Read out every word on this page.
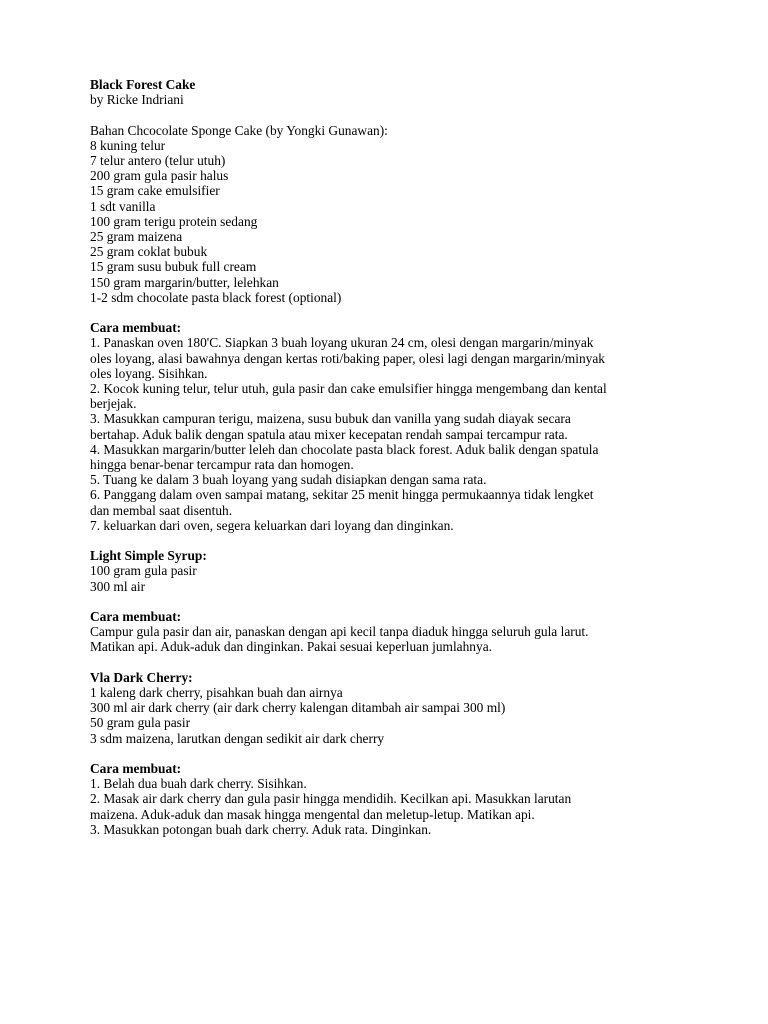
Black Forest Cake
by Ricke Indriani
Bahan Chcocolate Sponge Cake (by Yongki Gunawan):
8 kuning telur
7 telur antero (telur utuh)
200 gram gula pasir halus
15 gram cake emulsifier
1 sdt vanilla
100 gram terigu protein sedang
25 gram maizena
25 gram coklat bubuk
15 gram susu bubuk full cream
150 gram margarin/butter, lelehkan
1-2 sdm chocolate pasta black forest (optional)
Cara membuat:
1. Panaskan oven 180'C. Siapkan 3 buah loyang ukuran 24 cm, olesi dengan margarin/minyak
oles loyang, alasi bawahnya dengan kertas roti/baking paper, olesi lagi dengan margarin/minyak
oles loyang. Sisihkan.
2. Kocok kuning telur, telur utuh, gula pasir dan cake emulsifier hingga mengembang dan kental
berjejak.
3. Masukkan campuran terigu, maizena, susu bubuk dan vanilla yang sudah diayak secara
bertahap. Aduk balik dengan spatula atau mixer kecepatan rendah sampai tercampur rata.
4. Masukkan margarin/butter leleh dan chocolate pasta black forest. Aduk balik dengan spatula
hingga benar-benar tercampur rata dan homogen.
5. Tuang ke dalam 3 buah loyang yang sudah disiapkan dengan sama rata.
6. Panggang dalam oven sampai matang, sekitar 25 menit hingga permukaannya tidak lengket
dan membal saat disentuh.
7. keluarkan dari oven, segera keluarkan dari loyang dan dinginkan.
Light Simple Syrup:
100 gram gula pasir
300 ml air
Cara membuat:
Campur gula pasir dan air, panaskan dengan api kecil tanpa diaduk hingga seluruh gula larut.
Matikan api. Aduk-aduk dan dinginkan. Pakai sesuai keperluan jumlahnya.
Vla Dark Cherry:
1 kaleng dark cherry, pisahkan buah dan airnya
300 ml air dark cherry (air dark cherry kalengan ditambah air sampai 300 ml)
50 gram gula pasir
3 sdm maizena, larutkan dengan sedikit air dark cherry
Cara membuat:
1. Belah dua buah dark cherry. Sisihkan.
2. Masak air dark cherry dan gula pasir hingga mendidih. Kecilkan api. Masukkan larutan
maizena. Aduk-aduk dan masak hingga mengental dan meletup-letup. Matikan api.
3. Masukkan potongan buah dark cherry. Aduk rata. Dinginkan.
